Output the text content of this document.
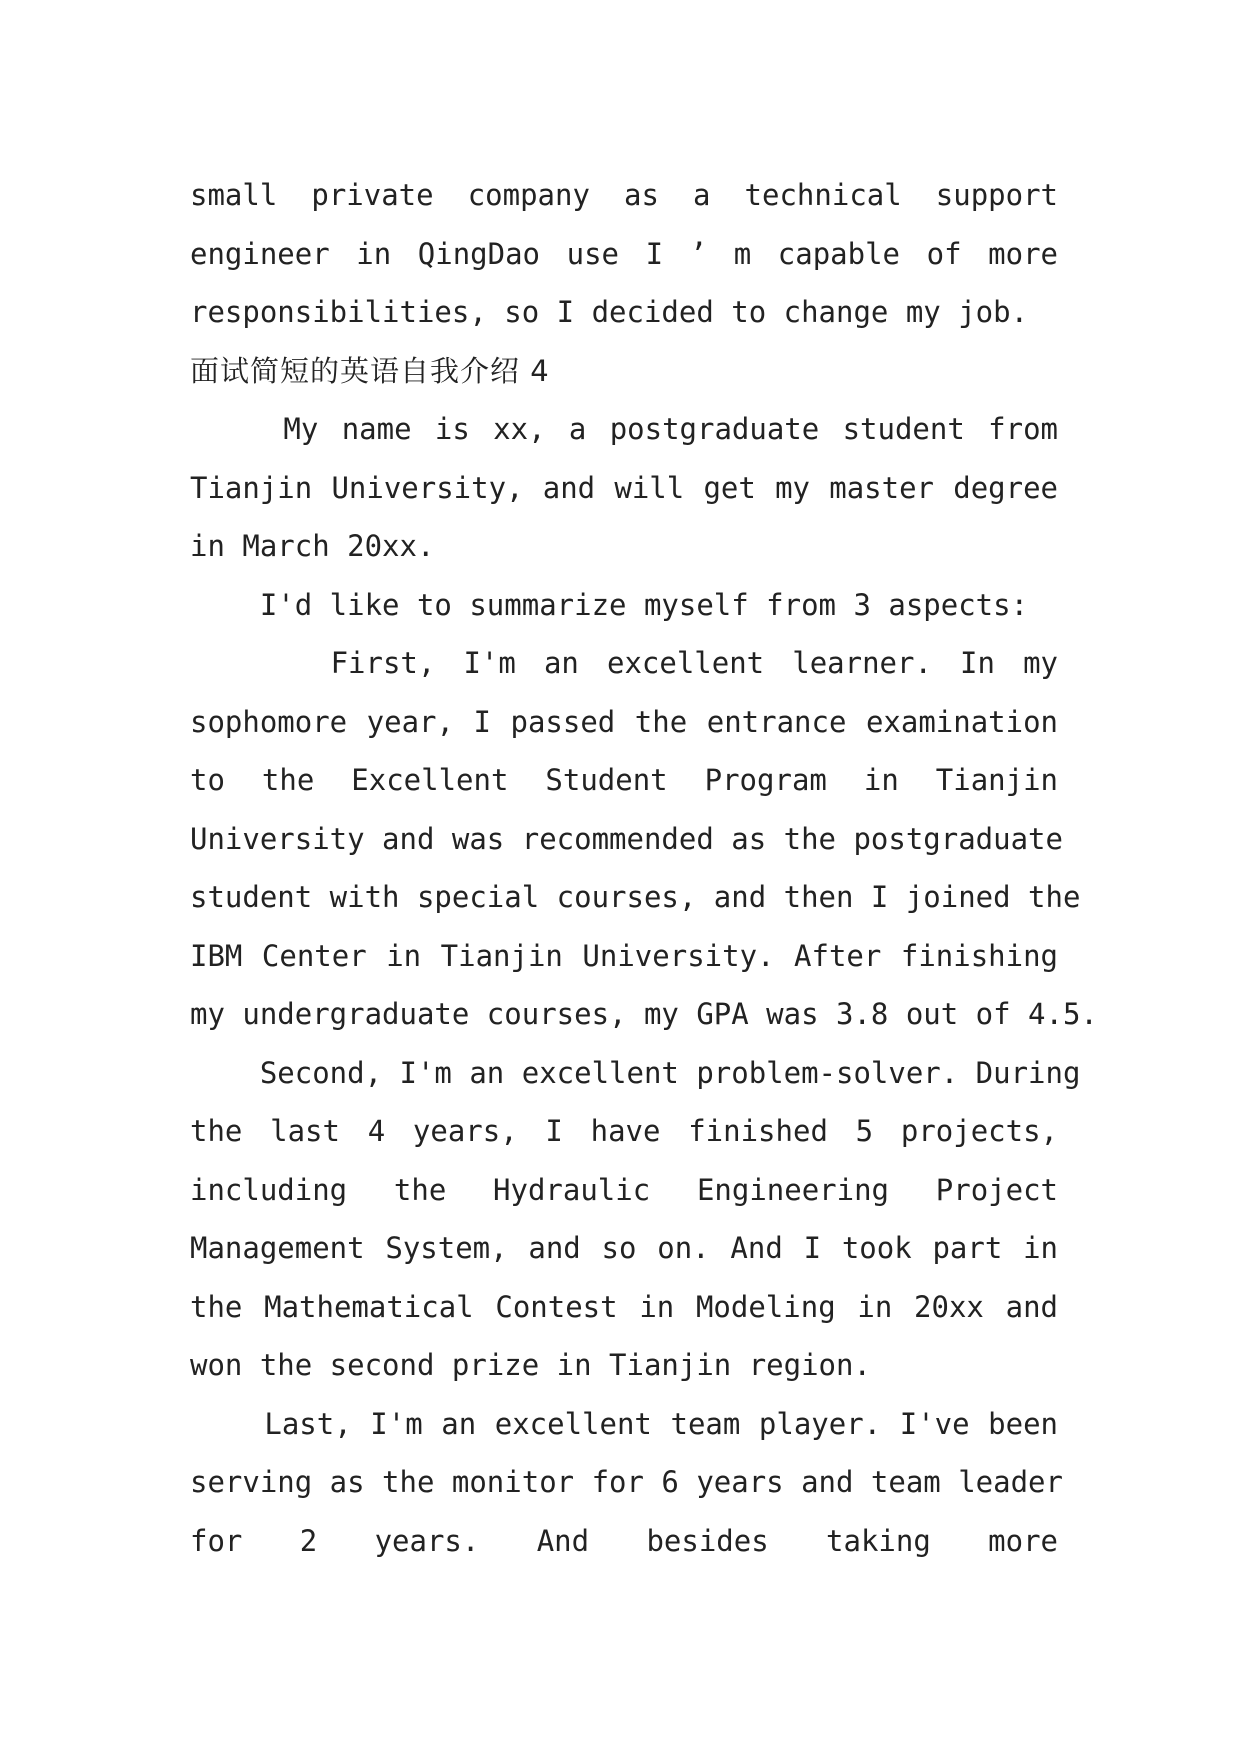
small private company as a technical support
engineer in QingDao use I ’ m capable of more
responsibilities, so I decided to change my job.
面试简短的英语自我介绍 4
My name is xx, a postgraduate student from
Tianjin University, and will get my master degree
in March 20xx.
I'd like to summarize myself from 3 aspects:
First, I'm an excellent learner. In my
sophomore year, I passed the entrance examination
to the Excellent Student Program in Tianjin
University and was recommended as the postgraduate
student with special courses, and then I joined the
IBM Center in Tianjin University. After finishing
my undergraduate courses, my GPA was 3.8 out of 4.5.
Second, I'm an excellent problem-solver. During
the last 4 years, I have finished 5 projects,
including the Hydraulic Engineering Project
Management System, and so on. And I took part in
the Mathematical Contest in Modeling in 20xx and
won the second prize in Tianjin region.
Last, I'm an excellent team player. I've been
serving as the monitor for 6 years and team leader
for 2 years. And besides taking more
